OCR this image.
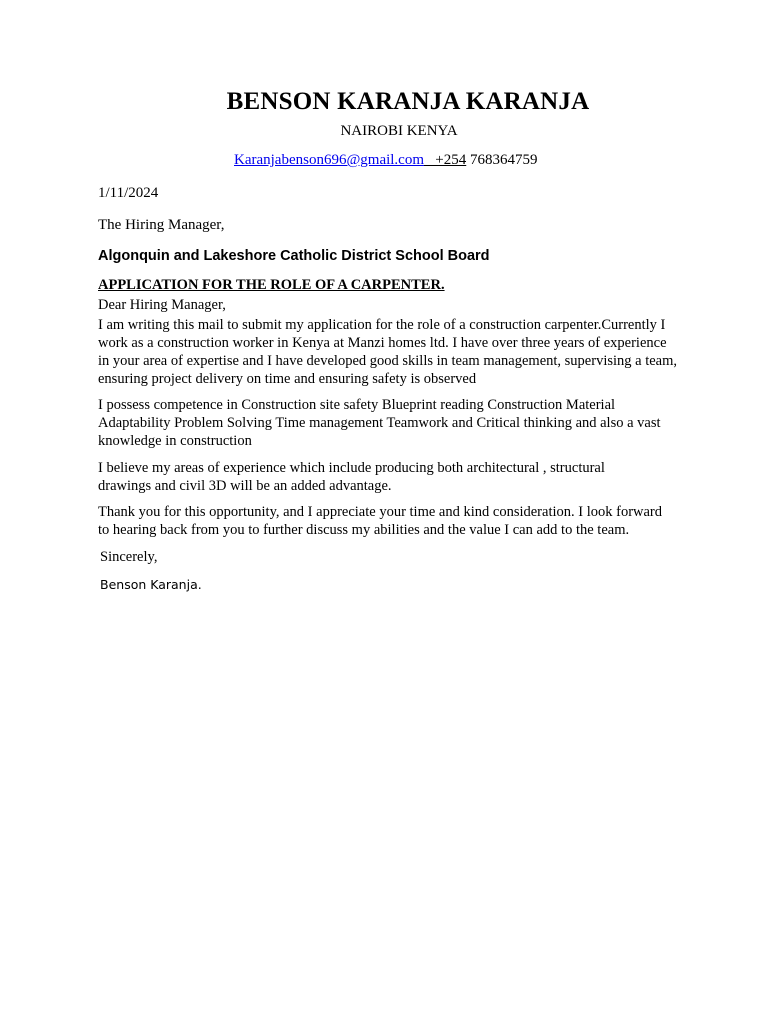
BENSON KARANJA KARANJA
NAIROBI KENYA
Karanjabenson696@gmail.com   +254 768364759
1/11/2024
The Hiring Manager,
Algonquin and Lakeshore Catholic District School Board
APPLICATION FOR THE ROLE OF A CARPENTER.
Dear Hiring Manager,
I am writing this mail to submit my application for the role of a construction carpenter.Currently I
work as a construction worker in Kenya at Manzi homes ltd. I have over three years of experience
in your area of expertise and I have developed good skills in team management, supervising a team,
ensuring project delivery on time and ensuring safety is observed
I possess competence in Construction site safety Blueprint reading Construction Material
Adaptability Problem Solving Time management Teamwork and Critical thinking and also a vast
knowledge in construction
I believe my areas of experience which include producing both architectural , structural
drawings and civil 3D will be an added advantage.
Thank you for this opportunity, and I appreciate your time and kind consideration. I look forward
to hearing back from you to further discuss my abilities and the value I can add to the team.
Sincerely,
Benson Karanja.
